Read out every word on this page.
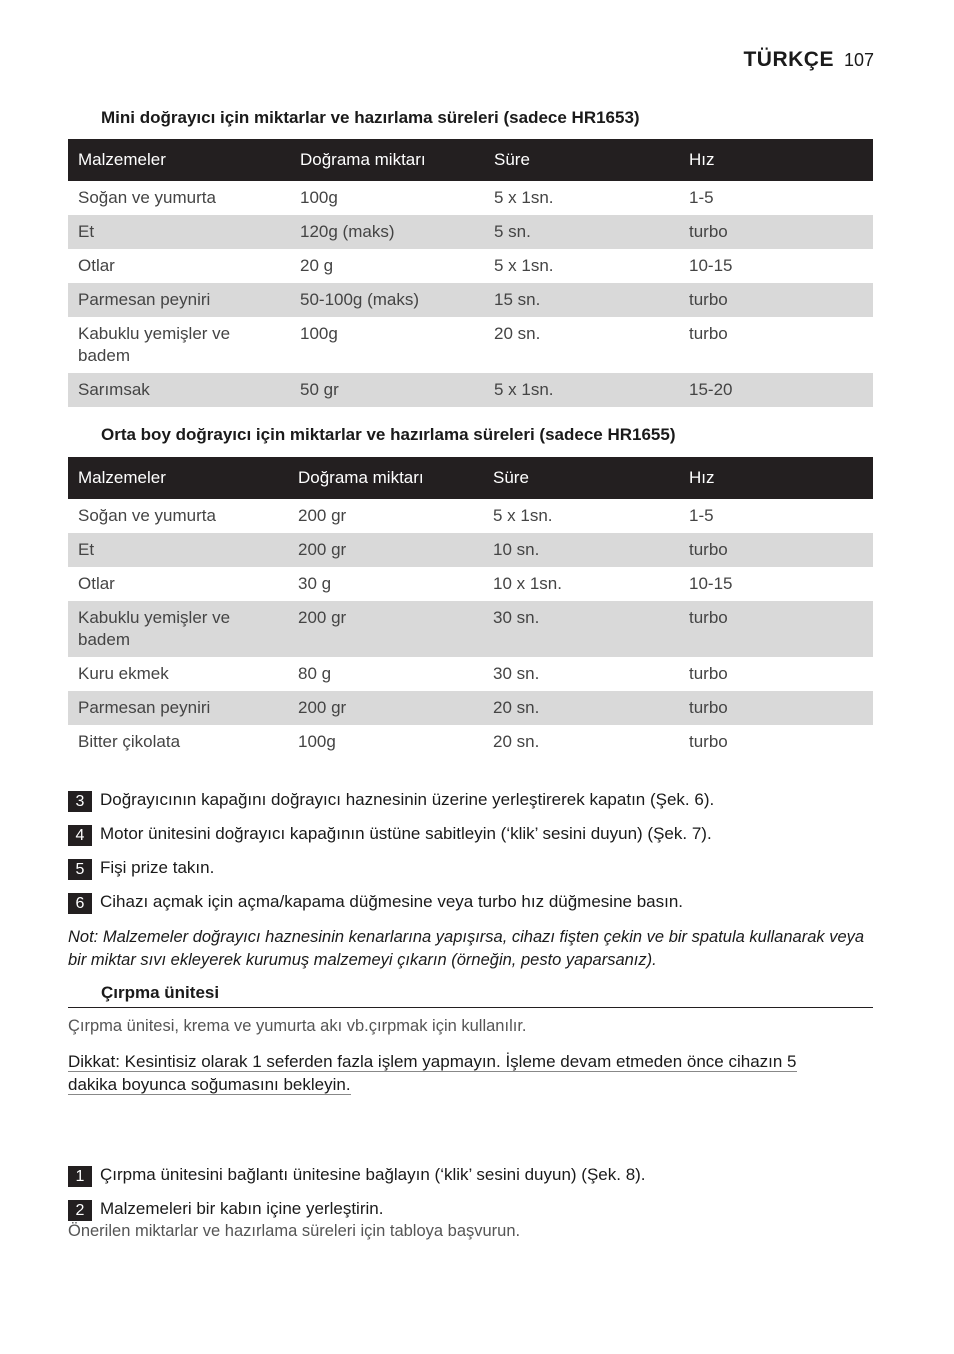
TÜRKÇE 107
Mini doğrayıcı için miktarlar ve hazırlama süreleri (sadece HR1653)
Malzemeler	Doğrama miktarı	Süre	Hız
Soğan ve yumurta	100g	5 x 1sn.	1-5
Et	120g (maks)	5 sn.	turbo
Otlar	20 g	5 x 1sn.	10-15
Parmesan peyniri	50-100g (maks)	15 sn.	turbo
Kabuklu yemişler ve
badem	100g	20 sn.	turbo
Sarımsak	50 gr	5 x 1sn.	15-20
Orta boy doğrayıcı için miktarlar ve hazırlama süreleri (sadece HR1655)
Malzemeler	Doğrama miktarı	Süre	Hız
Soğan ve yumurta	200 gr	5 x 1sn.	1-5
Et	200 gr	10 sn.	turbo
Otlar	30 g	10 x 1sn.	10-15
Kabuklu yemişler ve
badem	200 gr	30 sn.	turbo
Kuru ekmek	80 g	30 sn.	turbo
Parmesan peyniri	200 gr	20 sn.	turbo
Bitter çikolata	100g	20 sn.	turbo
3 Doğrayıcının kapağını doğrayıcı haznesinin üzerine yerleştirerek kapatın (Şek. 6).
4 Motor ünitesini doğrayıcı kapağının üstüne sabitleyin (‘klik’ sesini duyun) (Şek. 7).
5 Fişi prize takın.
6 Cihazı açmak için açma/kapama düğmesine veya turbo hız düğmesine basın.
Not: Malzemeler doğrayıcı haznesinin kenarlarına yapışırsa, cihazı fişten çekin ve bir spatula kullanarak veya bir miktar sıvı ekleyerek kurumuş malzemeyi çıkarın (örneğin, pesto yaparsanız).
Çırpma ünitesi
Çırpma ünitesi, krema ve yumurta akı vb.çırpmak için kullanılır.
Dikkat: Kesintisiz olarak 1 seferden fazla işlem yapmayın. İşleme devam etmeden önce cihazın 5
dakika boyunca soğumasını bekleyin.
1 Çırpma ünitesini bağlantı ünitesine bağlayın (‘klik’ sesini duyun) (Şek. 8).
2 Malzemeleri bir kabın içine yerleştirin.
Önerilen miktarlar ve hazırlama süreleri için tabloya başvurun.
